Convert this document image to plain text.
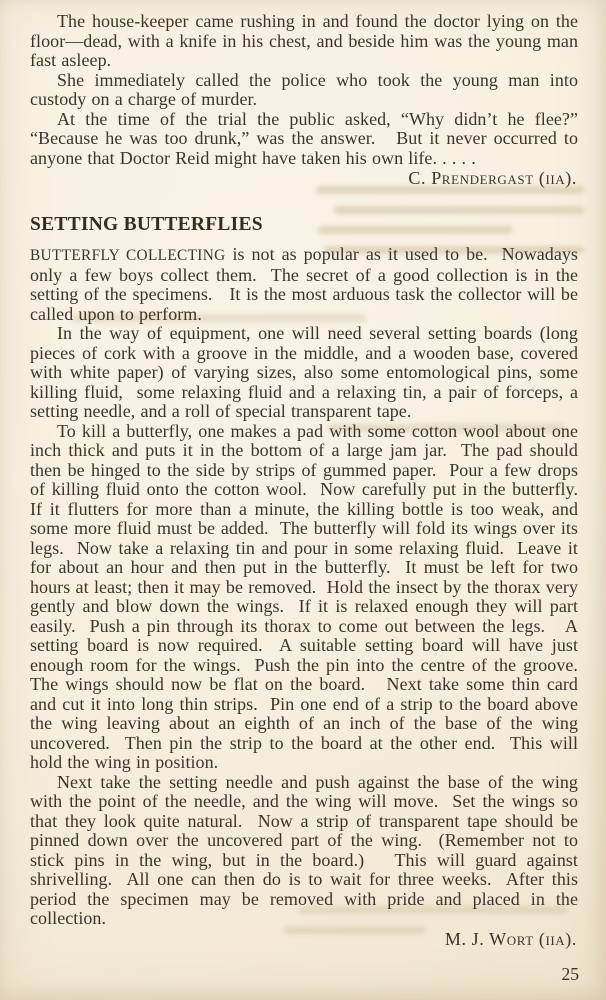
The house-keeper came rushing in and found the doctor lying on the floor—dead, with a knife in his chest, and beside him was the young man fast asleep.

She immediately called the police who took the young man into custody on a charge of murder.

At the time of the trial the public asked, “Why didn’t he flee?”  “Because he was too drunk,” was the answer.   But it never occurred to anyone that Doctor Reid might have taken his own life. . . . .

C. Prendergast (iia).

SETTING BUTTERFLIES

BUTTERFLY COLLECTING is not as popular as it used to be.  Nowadays only a few boys collect them.  The secret of a good collection is in the setting of the specimens.   It is the most arduous task the collector will be called upon to perform.

In the way of equipment, one will need several setting boards (long pieces of cork with a groove in the middle, and a wooden base, covered with white paper) of varying sizes, also some entomological pins, some killing fluid,  some relaxing fluid and a relaxing tin, a pair of forceps, a setting needle, and a roll of special transparent tape.

To kill a butterfly, one makes a pad with some cotton wool about one inch thick and puts it in the bottom of a large jam jar.  The pad should then be hinged to the side by strips of gummed paper.  Pour a few drops of killing fluid onto the cotton wool.  Now carefully put in the butterfly.  If it flutters for more than a minute, the killing bottle is too weak, and some more fluid must be added.  The butterfly will fold its wings over its legs.  Now take a relaxing tin and pour in some relaxing fluid.  Leave it for about an hour and then put in the butterfly.  It must be left for two hours at least; then it may be removed.  Hold the insect by the thorax very gently and blow down the wings.  If it is relaxed enough they will part easily.  Push a pin through its thorax to come out between the legs.   A setting board is now required.  A suitable setting board will have just enough room for the wings.  Push the pin into the centre of the groove.   The wings should now be flat on the board.   Next take some thin card and cut it into long thin strips.  Pin one end of a strip to the board above the wing leaving about an eighth of an inch of the base of the wing uncovered.  Then pin the strip to the board at the other end.  This will hold the wing in position.

Next take the setting needle and push against the base of the wing with the point of the needle, and the wing will move.  Set the wings so that they look quite natural.  Now a strip of transparent tape should be pinned down over the uncovered part of the wing.  (Remember not to stick pins in the wing, but in the board.)   This will guard against shrivelling.  All one can then do is to wait for three weeks.  After this period the specimen may be removed with pride and placed in the collection.

M. J. Wort (iia).

25
